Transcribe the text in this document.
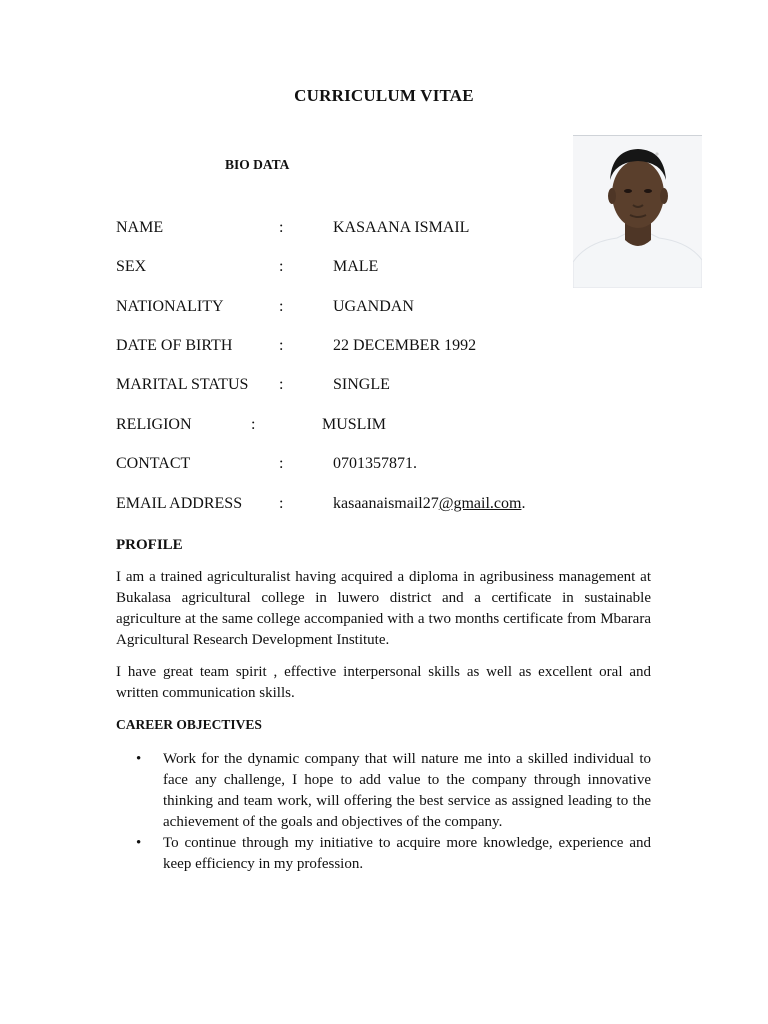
CURRICULUM VITAE
BIO DATA
NAME	:	KASAANA ISMAIL
SEX	:	MALE
NATIONALITY	:	UGANDAN
DATE OF BIRTH	:	22 DECEMBER 1992
MARITAL STATUS :	SINGLE
RELIGION	:	MUSLIM
CONTACT	:	0701357871.
EMAIL ADDRESS :	kasaanaismail27@gmail.com.
PROFILE

I am a trained agriculturalist having acquired a diploma in agribusiness management at Bukalasa agricultural college in luwero district and a certificate in sustainable agriculture at the same college accompanied with a two months certificate from Mbarara Agricultural Research Development Institute.

I have great team spirit , effective interpersonal skills as well as excellent oral and written communication skills.

CAREER OBJECTIVES
• Work for the dynamic company that will nature me into a skilled individual to face any challenge, I hope to add value to the company through innovative thinking and team work, will offering the best service as assigned leading to the achievement of the goals and objectives of the company.
• To continue through my initiative to acquire more knowledge, experience and keep efficiency in my profession.
